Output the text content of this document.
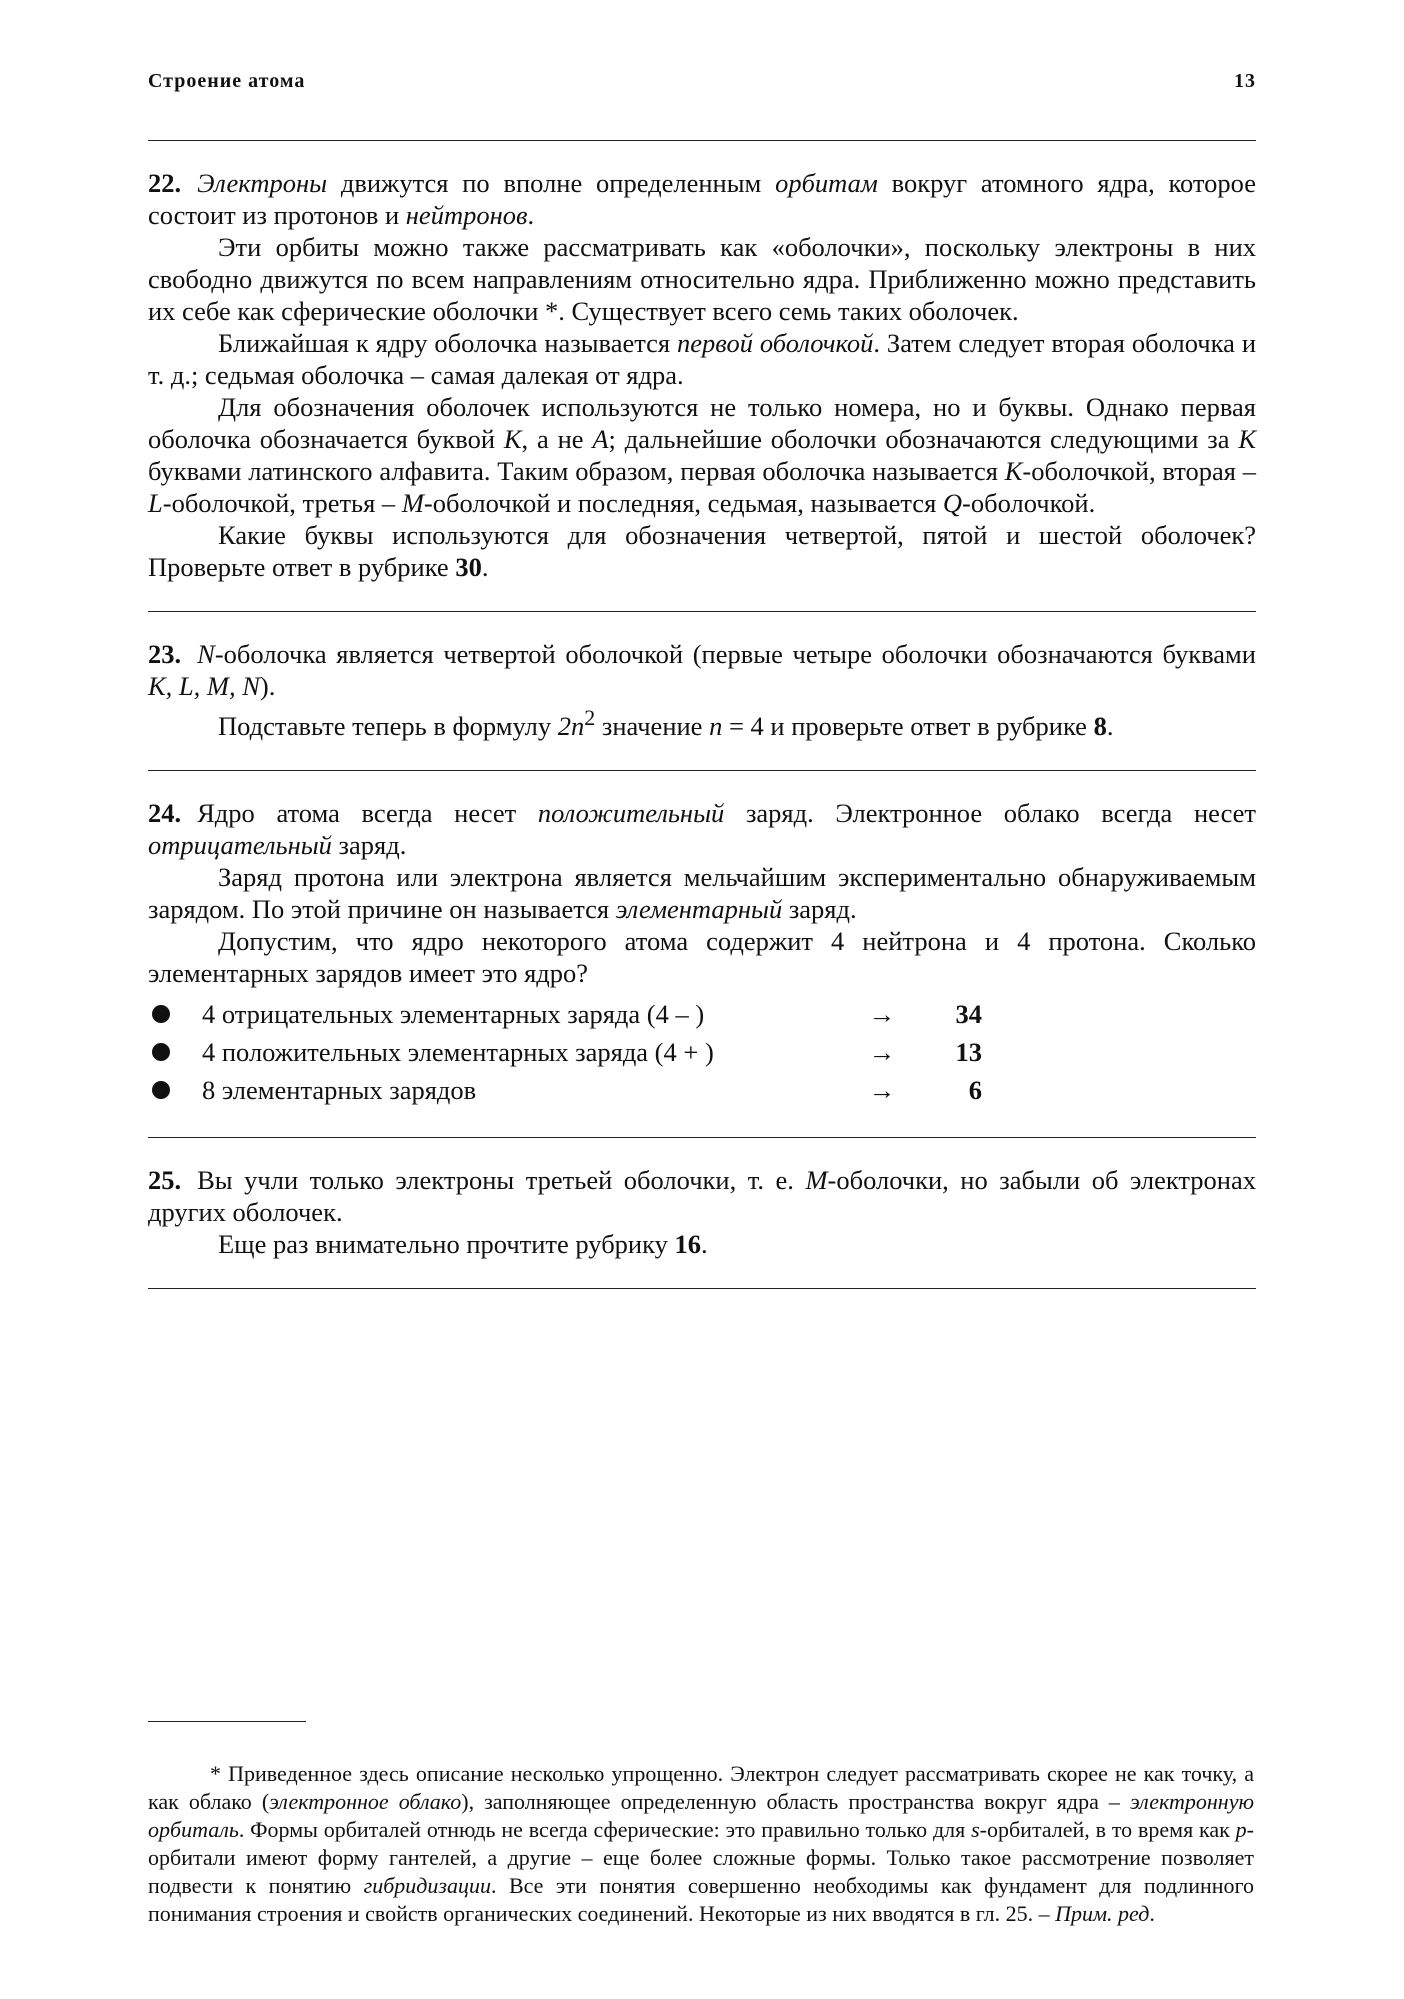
Строение атома	13

22. Электроны движутся по вполне определенным орбитам вокруг атомного ядра, которое состоит из протонов и нейтронов.

Эти орбиты можно также рассматривать как «оболочки», поскольку электроны в них свободно движутся по всем направлениям относительно ядра. Приближенно можно представить их себе как сферические оболочки *. Существует всего семь таких оболочек.

Ближайшая к ядру оболочка называется первой оболочкой. Затем следует вторая оболочка и т. д.; седьмая оболочка – самая далекая от ядра.

Для обозначения оболочек используются не только номера, но и буквы. Однако первая оболочка обозначается буквой K, а не A; дальнейшие оболочки обозначаются следующими за K буквами латинского алфавита. Таким образом, первая оболочка называется K-оболочкой, вторая – L-оболочкой, третья – M-оболочкой и последняя, седьмая, называется Q-оболочкой.

Какие буквы используются для обозначения четвертой, пятой и шестой оболочек? Проверьте ответ в рубрике 30.

23. N-оболочка является четвертой оболочкой (первые четыре оболочки обозначаются буквами K, L, M, N).

Подставьте теперь в формулу $2n^2$ значение n = 4 и проверьте ответ в рубрике 8.

24. Ядро атома всегда несет положительный заряд. Электронное облако всегда несет отрицательный заряд.

Заряд протона или электрона является мельчайшим экспериментально обнаруживаемым зарядом. По этой причине он называется элементарный заряд.

Допустим, что ядро некоторого атома содержит 4 нейтрона и 4 протона. Сколько элементарных зарядов имеет это ядро?

4 отрицательных элементарных заряда (4 – )	→	34
4 положительных элементарных заряда (4 + )	→	13
8 элементарных зарядов	→	6

25. Вы учли только электроны третьей оболочки, т. е. M-оболочки, но забыли об электронах других оболочек.

Еще раз внимательно прочтите рубрику 16.

* Приведенное здесь описание несколько упрощенно. Электрон следует рассматривать скорее не как точку, а как облако (электронное облако), заполняющее определенную область пространства вокруг ядра – электронную орбиталь. Формы орбиталей отнюдь не всегда сферические: это правильно только для s-орбиталей, в то время как p-орбитали имеют форму гантелей, а другие – еще более сложные формы. Только такое рассмотрение позволяет подвести к понятию гибридизации. Все эти понятия совершенно необходимы как фундамент для подлинного понимания строения и свойств органических соединений. Некоторые из них вводятся в гл. 25. – Прим. ред.
